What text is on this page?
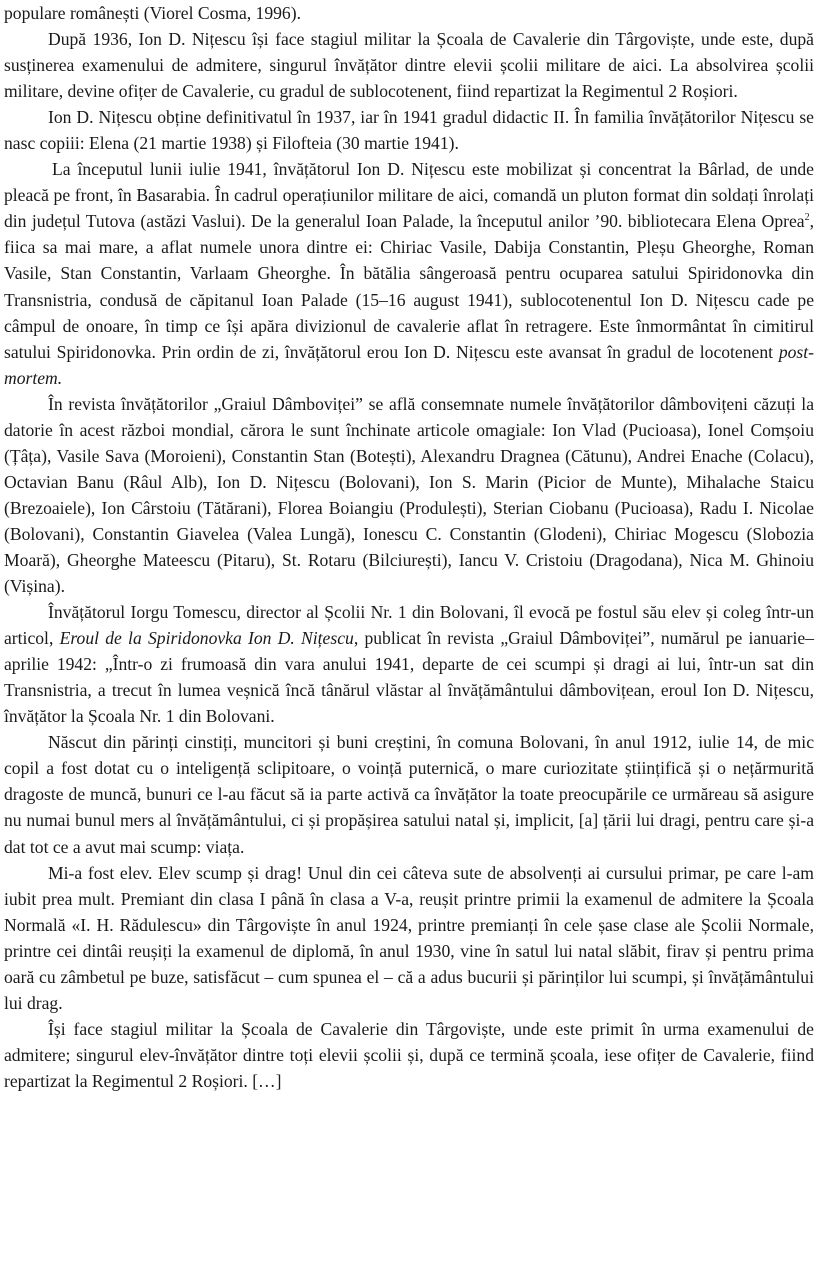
populare românești (Viorel Cosma, 1996).

După 1936, Ion D. Nițescu își face stagiul militar la Școala de Cavalerie din Târgoviște, unde este, după susținerea examenului de admitere, singurul învățător dintre elevii școlii militare de aici. La absolvirea școlii militare, devine ofițer de Cavalerie, cu gradul de sublocotenent, fiind repartizat la Regimentul 2 Roșiori.

Ion D. Nițescu obține definitivatul în 1937, iar în 1941 gradul didactic II. În familia învățătorilor Nițescu se nasc copiii: Elena (21 martie 1938) și Filofteia (30 martie 1941).

La începutul lunii iulie 1941, învățătorul Ion D. Nițescu este mobilizat și concentrat la Bârlad, de unde pleacă pe front, în Basarabia. În cadrul operațiunilor militare de aici, comandă un pluton format din soldați înrolați din județul Tutova (astăzi Vaslui). De la generalul Ioan Palade, la începutul anilor ’90. bibliotecara Elena Oprea$^2$, fiica sa mai mare, a aflat numele unora dintre ei: Chiriac Vasile, Dabija Constantin, Pleșu Gheorghe, Roman Vasile, Stan Constantin, Varlaam Gheorghe. În bătălia sângeroasă pentru ocuparea satului Spiridonovka din Transnistria, condusă de căpitanul Ioan Palade (15–16 august 1941), sublocotenentul Ion D. Nițescu cade pe câmpul de onoare, în timp ce își apăra divizionul de cavalerie aflat în retragere. Este înmormântat în cimitirul satului Spiridonovka. Prin ordin de zi, învățătorul erou Ion D. Nițescu este avansat în gradul de locotenent post-mortem.

În revista învățătorilor „Graiul Dâmboviței” se află consemnate numele învățătorilor dâmbovițeni căzuți la datorie în acest război mondial, cărora le sunt închinate articole omagiale: Ion Vlad (Pucioasa), Ionel Comșoiu (Țâța), Vasile Sava (Moroieni), Constantin Stan (Botești), Alexandru Dragnea (Cătunu), Andrei Enache (Colacu), Octavian Banu (Râul Alb), Ion D. Nițescu (Bolovani), Ion S. Marin (Picior de Munte), Mihalache Staicu (Brezoaiele), Ion Cârstoiu (Tătărani), Florea Boiangiu (Produlești), Sterian Ciobanu (Pucioasa), Radu I. Nicolae (Bolovani), Constantin Giavelea (Valea Lungă), Ionescu C. Constantin (Glodeni), Chiriac Mogescu (Slobozia Moară), Gheorghe Mateescu (Pitaru), St. Rotaru (Bilciurești), Iancu V. Cristoiu (Dragodana), Nica M. Ghinoiu (Vișina).

Învățătorul Iorgu Tomescu, director al Școlii Nr. 1 din Bolovani, îl evocă pe fostul său elev și coleg într-un articol, Eroul de la Spiridonovka Ion D. Nițescu, publicat în revista „Graiul Dâmboviței”, numărul pe ianuarie–aprilie 1942: „Într-o zi frumoasă din vara anului 1941, departe de cei scumpi și dragi ai lui, într-un sat din Transnistria, a trecut în lumea veșnică încă tânărul vlăstar al învățământului dâmbovițean, eroul Ion D. Nițescu, învățător la Școala Nr. 1 din Bolovani.

Născut din părinți cinstiți, muncitori și buni creștini, în comuna Bolovani, în anul 1912, iulie 14, de mic copil a fost dotat cu o inteligență sclipitoare, o voință puternică, o mare curiozitate științifică și o nețărmurită dragoste de muncă, bunuri ce l-au făcut să ia parte activă ca învățător la toate preocupările ce urmăreau să asigure nu numai bunul mers al învățământului, ci și propășirea satului natal și, implicit, [a] țării lui dragi, pentru care și-a dat tot ce a avut mai scump: viața.

Mi-a fost elev. Elev scump și drag! Unul din cei câteva sute de absolvenți ai cursului primar, pe care l-am iubit prea mult. Premiant din clasa I până în clasa a V-a, reușit printre primii la examenul de admitere la Școala Normală «I. H. Rădulescu» din Târgoviște în anul 1924, printre premianți în cele șase clase ale Școlii Normale, printre cei dintâi reușiți la examenul de diplomă, în anul 1930, vine în satul lui natal slăbit, firav și pentru prima oară cu zâmbetul pe buze, satisfăcut – cum spunea el – că a adus bucurii și părinților lui scumpi, și învățământului lui drag.

Își face stagiul militar la Școala de Cavalerie din Târgoviște, unde este primit în urma examenului de admitere; singurul elev-învățător dintre toți elevii școlii și, după ce termină școala, iese ofițer de Cavalerie, fiind repartizat la Regimentul 2 Roșiori. […]
